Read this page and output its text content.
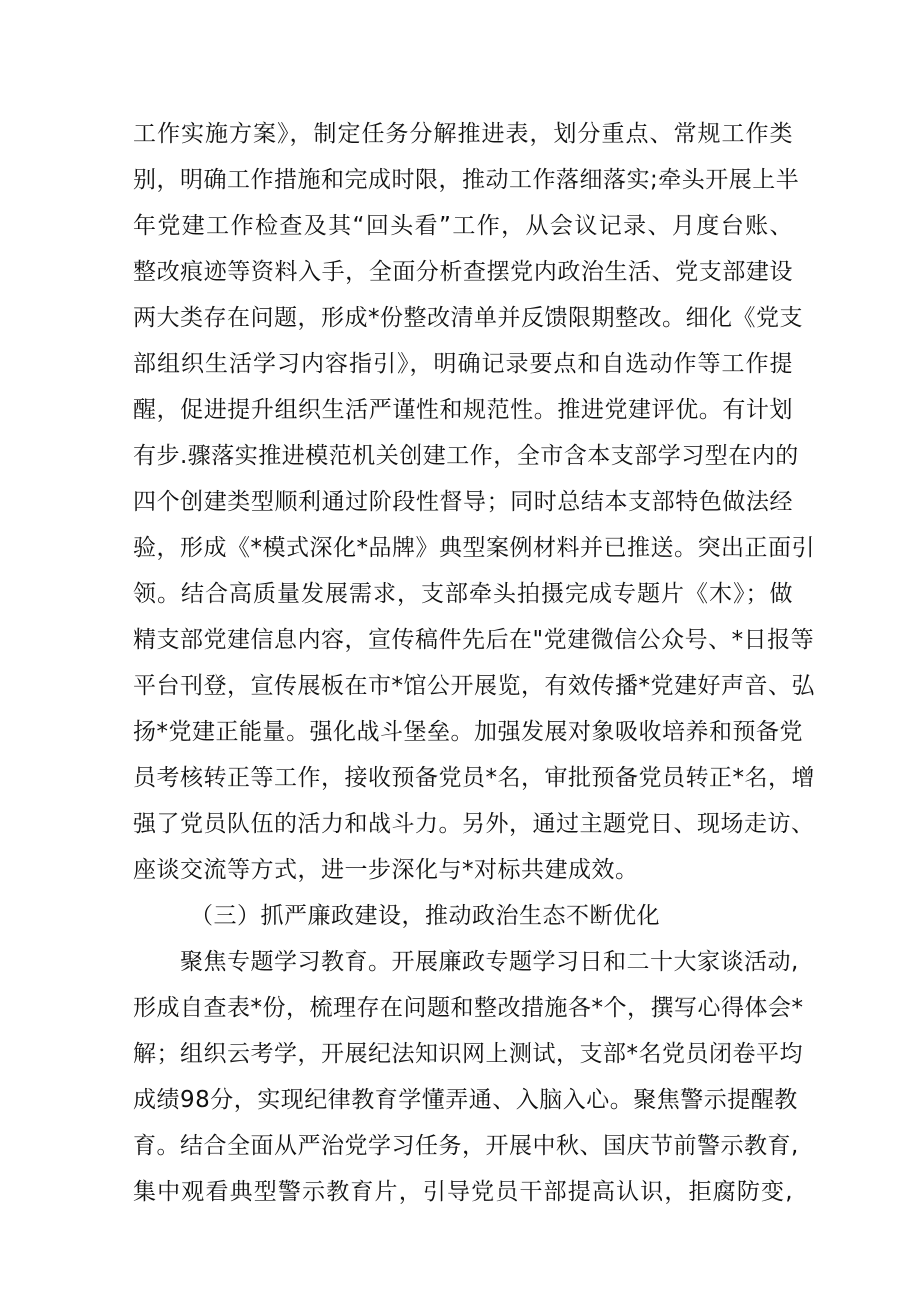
工作实施方案》，制定任务分解推进表，划分重点、常规工作类
别，明确工作措施和完成时限，推动工作落细落实;牵头开展上半
年党建工作检查及其“回头看”工作，从会议记录、月度台账、
整改痕迹等资料入手，全面分析查摆党内政治生活、党支部建设
两大类存在问题，形成*份整改清单并反馈限期整改。细化《党支
部组织生活学习内容指引》，明确记录要点和自选动作等工作提
醒，促进提升组织生活严谨性和规范性。推进党建评优。有计划
有步.骤落实推进模范机关创建工作，全市含本支部学习型在内的
四个创建类型顺利通过阶段性督导；同时总结本支部特色做法经
验，形成《*模式深化*品牌》典型案例材料并已推送。突出正面引
领。结合高质量发展需求，支部牵头拍摄完成专题片《木》；做
精支部党建信息内容，宣传稿件先后在"党建微信公众号、*日报等
平台刊登，宣传展板在市*馆公开展览，有效传播*党建好声音、弘
扬*党建正能量。强化战斗堡垒。加强发展对象吸收培养和预备党
员考核转正等工作，接收预备党员*名，审批预备党员转正*名，增
强了党员队伍的活力和战斗力。另外，通过主题党日、现场走访、
座谈交流等方式，进一步深化与*对标共建成效。
（三）抓严廉政建设，推动政治生态不断优化
聚焦专题学习教育。开展廉政专题学习日和二十大家谈活动,
形成自查表*份，梳理存在问题和整改措施各*个，撰写心得体会*
解；组织云考学，开展纪法知识网上测试，支部*名党员闭卷平均
成绩98分，实现纪律教育学懂弄通、入脑入心。聚焦警示提醒教
育。结合全面从严治党学习任务，开展中秋、国庆节前警示教育,
集中观看典型警示教育片，引导党员干部提高认识，拒腐防变,
